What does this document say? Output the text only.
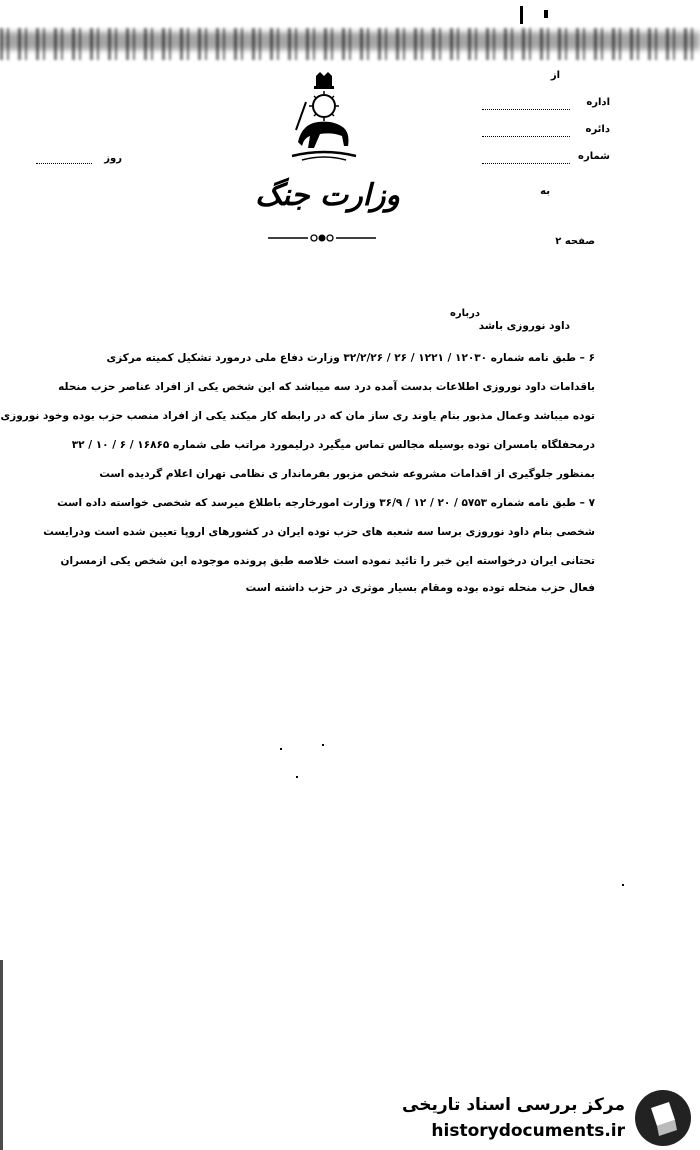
از
اداره
دائره
شماره
روز
وزارت جنگ	به
صفحه ۲
درباره
داود نوروزی باشد
۶ – طبق نامه شماره ۱۲۰۳۰ / ۱۲۲۱ / ۲۶ / ۳۲/۲/۲۶ وزارت دفاع ملی درمورد تشکیل کمیته مرکزی
باقدامات داود نوروزی اطلاعات بدست آمده درد سه میباشد که این شخص یکی از افراد عناصر حزب منحله
توده میباشد وعمال مذبور بنام یاوند ری ساز مان که در رابطه کار میکند یکی از افراد منصب حزب بوده وخود نوروزی
درمحفلگاه بامسران توده بوسیله مجالس تماس میگیرد درلیمورد مراتب طی شماره ۱۶۸۶۵ / ۶ / ۱۰ / ۳۲
بمنظور جلوگیری از اقدامات مشروعه شخص مزبور بفرماندار ی نظامی تهران اعلام گردیده است
۷ – طبق نامه شماره ۵۷۵۳ / ۲۰ / ۱۲ / ۳۶/۹ وزارت امورخارجه باطلاع میرسد که شخصی خواسته داده است
شخصی بنام داود نوروزی برسا سه شعبه های حزب توده ایران در کشورهای اروپا تعیین شده است ودرایست
تحتانی ایران درخواسته این خبر را تائید نموده است خلاصه طبق پرونده موجوده این شخص یکی ازمسران
فعال حزب منحله توده بوده ومقام بسیار موثری در حزب داشته است
مرکز بررسی اسناد تاریخی
historydocuments.ir
